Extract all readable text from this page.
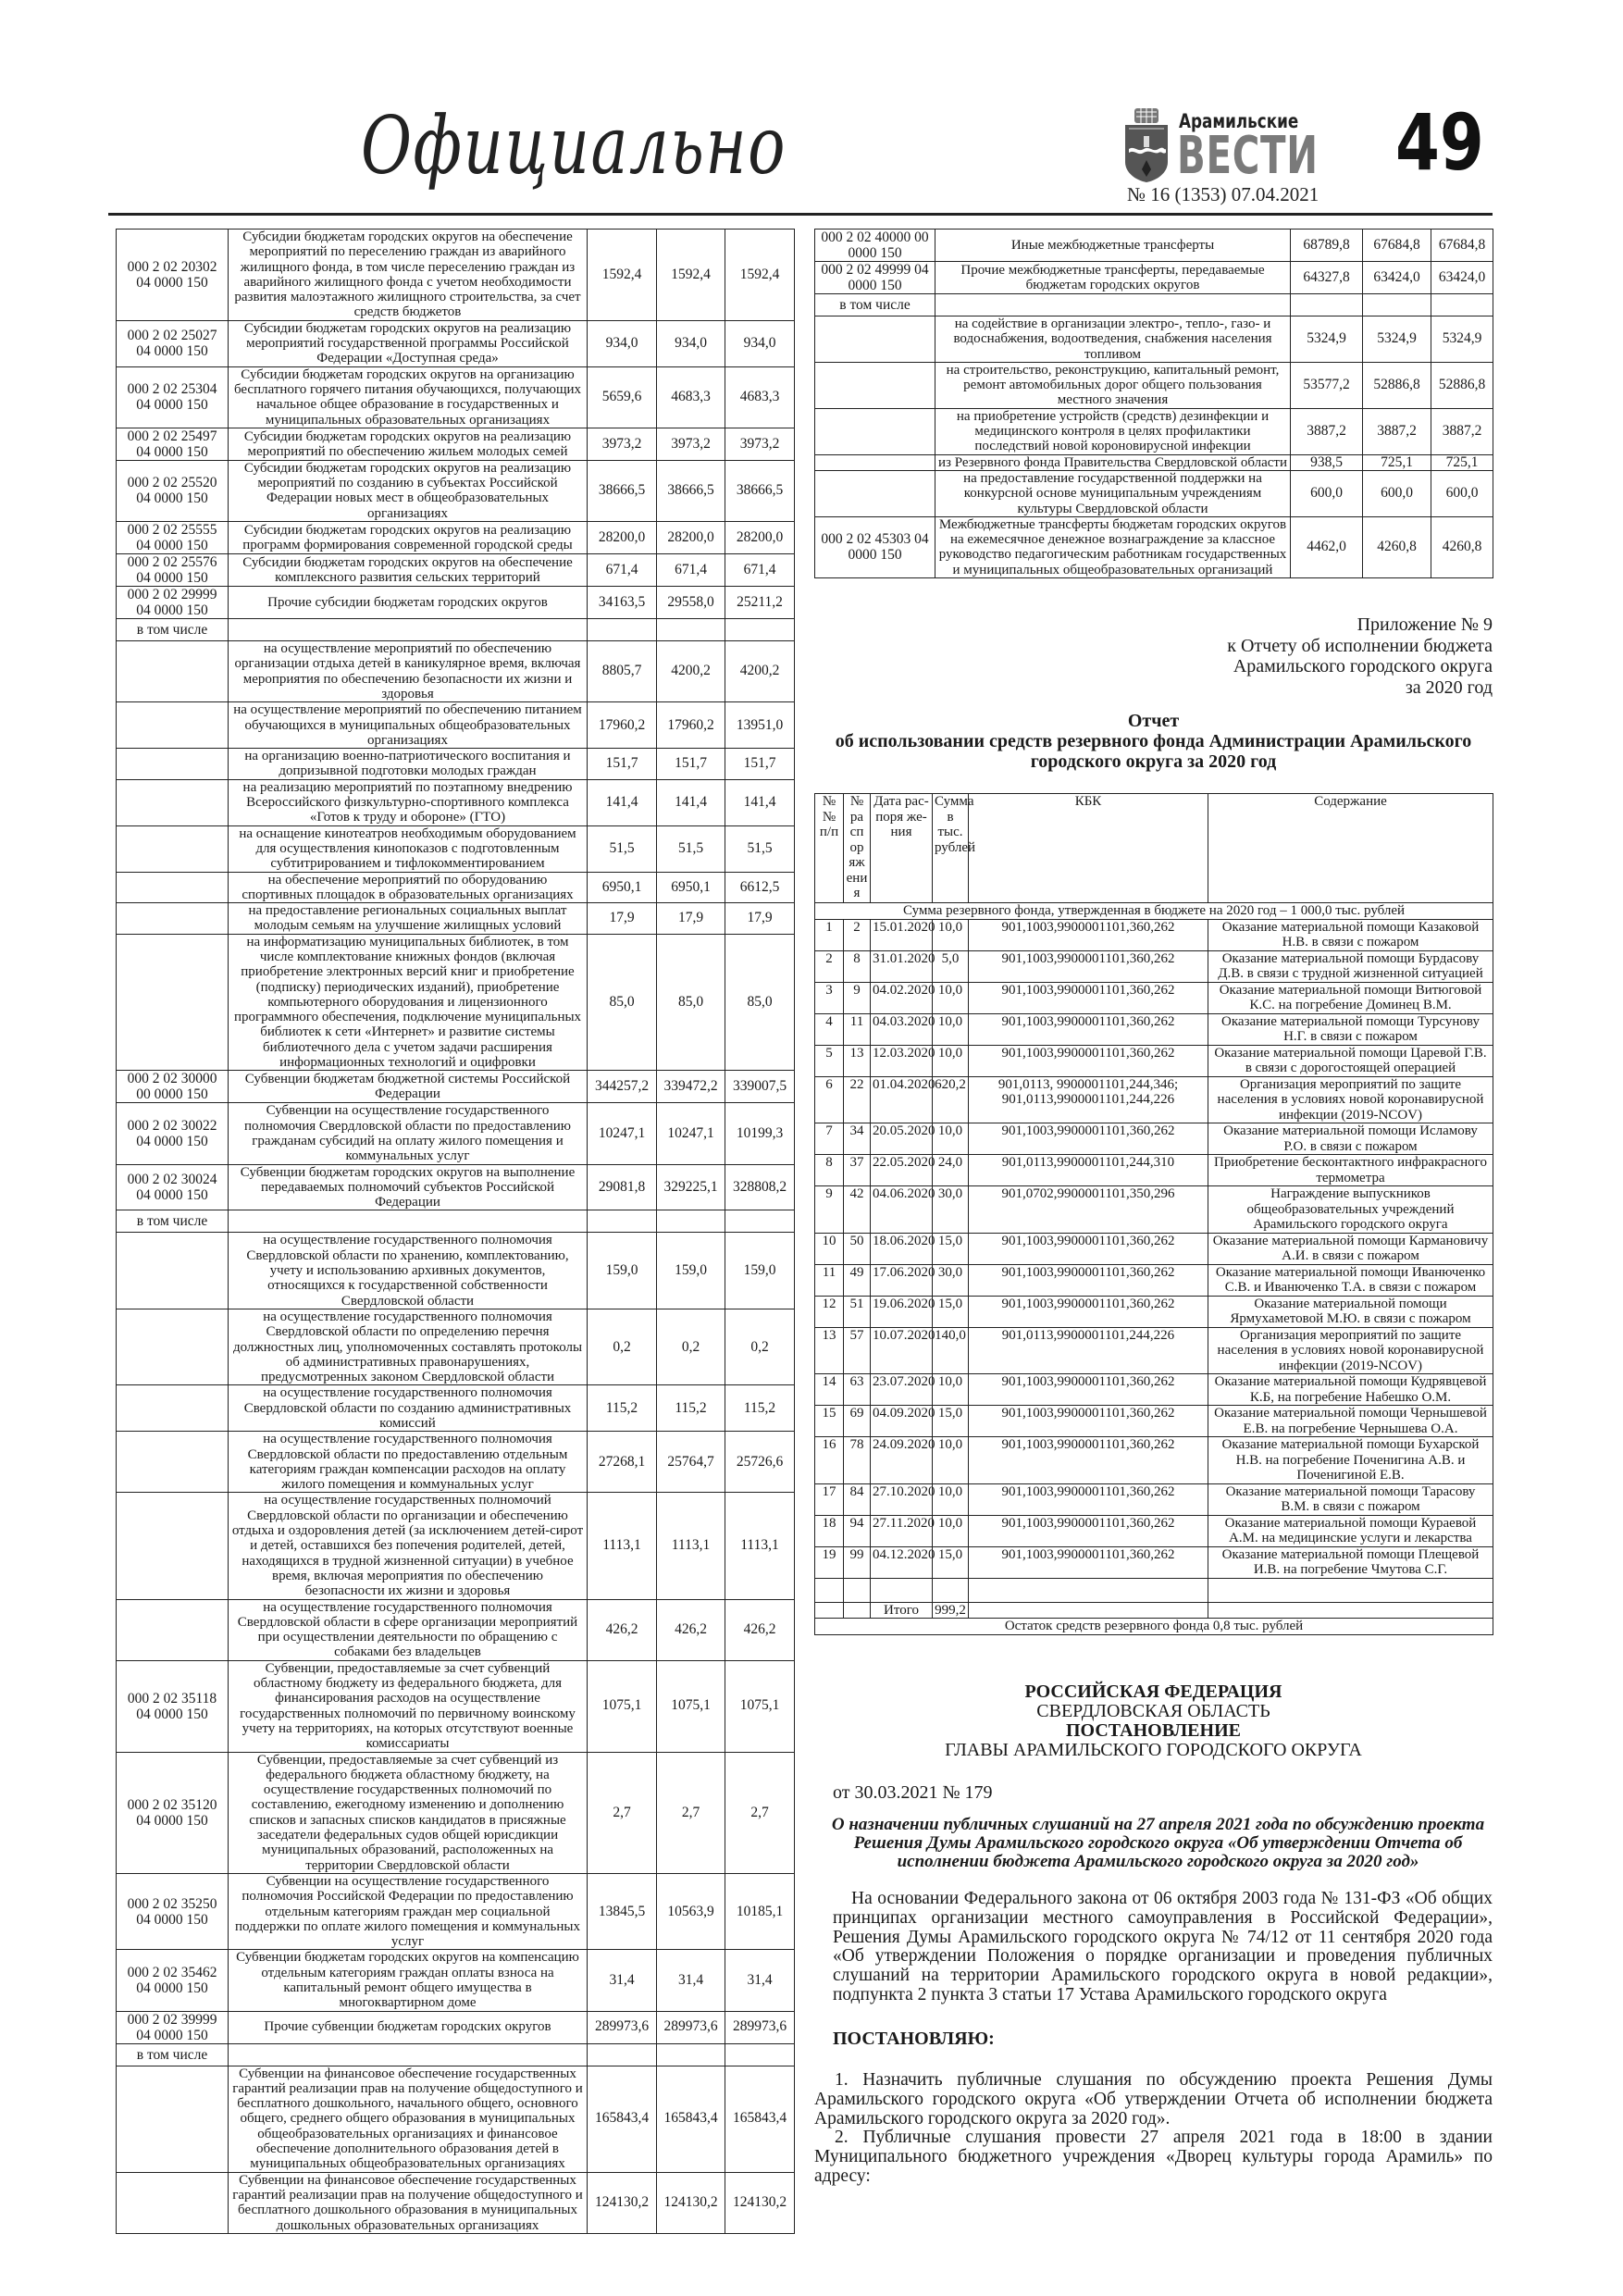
Официально	Арамильские
ВЕСТИ 49
№ 16 (1353) 07.04.2021
000 2 02 20302 04 0000 150	Субсидии бюджетам городских округов на обеспечение мероприятий по переселению граждан из аварийного жилищного фонда, в том числе переселению граждан из аварийного жилищного фонда с учетом необходимости развития малоэтажного жилищного строительства, за счет средств бюджетов	1592,4	1592,4	1592,4
000 2 02 25027 04 0000 150	Субсидии бюджетам городских округов на реализацию мероприятий государственной программы Российской Федерации «Доступная среда»	934,0	934,0	934,0
000 2 02 25304 04 0000 150	Субсидии бюджетам городских округов на организацию бесплатного горячего питания обучающихся, получающих начальное общее образование в государственных и муниципальных образовательных организациях	5659,6	4683,3	4683,3
000 2 02 25497 04 0000 150	Субсидии бюджетам городских округов на реализацию мероприятий по обеспечению жильем молодых семей	3973,2	3973,2	3973,2
000 2 02 25520 04 0000 150	Субсидии бюджетам городских округов на реализацию мероприятий по созданию в субъектах Российской Федерации новых мест в общеобразовательных организациях	38666,5	38666,5	38666,5
000 2 02 25555 04 0000 150	Субсидии бюджетам городских округов на реализацию программ формирования современной городской среды	28200,0	28200,0	28200,0
000 2 02 25576 04 0000 150	Субсидии бюджетам городских округов на обеспечение комплексного развития сельских территорий	671,4	671,4	671,4
000 2 02 29999 04 0000 150	Прочие субсидии бюджетам городских округов	34163,5	29558,0	25211,2
в том числе				
	на осуществление мероприятий по обеспечению организации отдыха детей в каникулярное время, включая мероприятия по обеспечению безопасности их жизни и здоровья	8805,7	4200,2	4200,2
	на осуществление мероприятий по обеспечению питанием обучающихся в муниципальных общеобразовательных организациях	17960,2	17960,2	13951,0
	на организацию военно-патриотического воспитания и допризывной подготовки молодых граждан	151,7	151,7	151,7
	на реализацию мероприятий по поэтапному внедрению Всероссийского физкультурно-спортивного комплекса «Готов к труду и обороне» (ГТО)	141,4	141,4	141,4
	на оснащение кинотеатров необходимым оборудованием для осуществления кинопоказов с подготовленным субтитрированием и тифлокомментированием	51,5	51,5	51,5
	на обеспечение мероприятий по оборудованию спортивных площадок в образовательных организациях	6950,1	6950,1	6612,5
	на предоставление региональных социальных выплат молодым семьям на улучшение жилищных условий	17,9	17,9	17,9
	на информатизацию муниципальных библиотек, в том числе комплектование книжных фондов (включая приобретение электронных версий книг и приобретение (подписку) периодических изданий), приобретение компьютерного оборудования и лицензионного программного обеспечения, подключение муниципальных библиотек к сети «Интернет» и развитие системы библиотечного дела с учетом задачи расширения информационных технологий и оцифровки	85,0	85,0	85,0
000 2 02 30000 00 0000 150	Субвенции бюджетам бюджетной системы Российской Федерации	344257,2	339472,2	339007,5
000 2 02 30022 04 0000 150	Субвенции на осуществление государственного полномочия Свердловской области по предоставлению гражданам субсидий на оплату жилого помещения и коммунальных услуг	10247,1	10247,1	10199,3
000 2 02 30024 04 0000 150	Субвенции бюджетам городских округов на выполнение передаваемых полномочий субъектов Российской Федерации	29081,8	329225,1	328808,2
в том числе				
	на осуществление государственного полномочия Свердловской области по хранению, комплектованию, учету и использованию архивных документов, относящихся к государственной собственности Свердловской области	159,0	159,0	159,0
	на осуществление государственного полномочия Свердловской области по определению перечня должностных лиц, уполномоченных составлять протоколы об административных правонарушениях, предусмотренных законом Свердловской области	0,2	0,2	0,2
	на осуществление государственного полномочия Свердловской области по созданию административных комиссий	115,2	115,2	115,2
	на осуществление государственного полномочия Свердловской области по предоставлению отдельным категориям граждан компенсации расходов на оплату жилого помещения и коммунальных услуг	27268,1	25764,7	25726,6
	на осуществление государственных полномочий Свердловской области по организации и обеспечению отдыха и оздоровления детей (за исключением детей-сирот и детей, оставшихся без попечения родителей, детей, находящихся в трудной жизненной ситуации) в учебное время, включая мероприятия по обеспечению безопасности их жизни и здоровья	1113,1	1113,1	1113,1
	на осуществление государственного полномочия Свердловской области в сфере организации мероприятий при осуществлении деятельности по обращению с собаками без владельцев	426,2	426,2	426,2
000 2 02 35118 04 0000 150	Субвенции, предоставляемые за счет субвенций областному бюджету из федерального бюджета, для финансирования расходов на осуществление государственных полномочий по первичному воинскому учету на территориях, на которых отсутствуют военные комиссариаты	1075,1	1075,1	1075,1
000 2 02 35120 04 0000 150	Субвенции, предоставляемые за счет субвенций из федерального бюджета областному бюджету, на осуществление государственных полномочий по составлению, ежегодному изменению и дополнению списков и запасных списков кандидатов в присяжные заседатели федеральных судов общей юрисдикции муниципальных образований, расположенных на территории Свердловской области	2,7	2,7	2,7
000 2 02 35250 04 0000 150	Субвенции на осуществление государственного полномочия Российской Федерации по предоставлению отдельным категориям граждан мер социальной поддержки по оплате жилого помещения и коммунальных услуг	13845,5	10563,9	10185,1
000 2 02 35462 04 0000 150	Субвенции бюджетам городских округов на компенсацию отдельным категориям граждан оплаты взноса на капитальный ремонт общего имущества в многоквартирном доме	31,4	31,4	31,4
000 2 02 39999 04 0000 150	Прочие субвенции бюджетам городских округов	289973,6	289973,6	289973,6
в том числе				
	Субвенции на финансовое обеспечение государственных гарантий реализации прав на получение общедоступного и бесплатного дошкольного, начального общего, основного общего, среднего общего образования в муниципальных общеобразовательных организациях и финансовое обеспечение дополнительного образования детей в муниципальных общеобразовательных организациях	165843,4	165843,4	165843,4
	Субвенции на финансовое обеспечение государственных гарантий реализации прав на получение общедоступного и бесплатного дошкольного образования в муниципальных дошкольных образовательных организациях	124130,2	124130,2	124130,2
000 2 02 40000 00 0000 150	Иные межбюджетные трансферты	68789,8	67684,8	67684,8
000 2 02 49999 04 0000 150	Прочие межбюджетные трансферты, передаваемые бюджетам городских округов	64327,8	63424,0	63424,0
в том числе				
	на содействие в организации электро-, тепло-, газо- и водоснабжения, водоотведения, снабжения населения топливом	5324,9	5324,9	5324,9
	на строительство, реконструкцию, капитальный ремонт, ремонт автомобильных дорог общего пользования местного значения	53577,2	52886,8	52886,8
	на приобретение устройств (средств) дезинфекции и медицинского контроля в целях профилактики последствий новой короновирусной инфекции	3887,2	3887,2	3887,2
	из Резервного фонда Правительства Свердловской области	938,5	725,1	725,1
	на предоставление государственной поддержки на конкурсной основе муниципальным учреждениям культуры Свердловской области	600,0	600,0	600,0
000 2 02 45303 04 0000 150	Межбюджетные трансферты бюджетам городских округов на ежемесячное денежное вознаграждение за классное руководство педагогическим работникам государственных и муниципальных общеобразовательных организаций	4462,0	4260,8	4260,8
Приложение № 9
к Отчету об исполнении бюджета
Арамильского городского округа
за 2020 год
Отчет
об использовании средств резервного фонда Администрации Арамильского городского округа за 2020 год
№№ п/п	№ распоряжения	Дата распоря жения	Сумма в тыс. рублей	КБК	Содержание
Сумма резервного фонда, утвержденная в бюджете на 2020 год – 1 000,0 тыс. рублей					
1	2	15.01.2020	10,0	901,1003,9900001101,360,262	Оказание материальной помощи Казаковой Н.В. в связи с пожаром
2	8	31.01.2020	5,0	901,1003,9900001101,360,262	Оказание материальной помощи Бурдасову Д.В. в связи с трудной жизненной ситуацией
3	9	04.02.2020	10,0	901,1003,9900001101,360,262	Оказание материальной помощи Витюговой К.С. на погребение Доминец В.М.
4	11	04.03.2020	10,0	901,1003,9900001101,360,262	Оказание материальной помощи Турсунову Н.Г. в связи с пожаром
5	13	12.03.2020	10,0	901,1003,9900001101,360,262	Оказание материальной помощи Царевой Г.В. в связи с дорогостоящей операцией
6	22	01.04.2020	620,2	901,0113, 9900001101,244,346; 901,0113,9900001101,244,226	Организация мероприятий по защите населения в условиях новой коронавирусной инфекции (2019-NCOV)
7	34	20.05.2020	10,0	901,1003,9900001101,360,262	Оказание материальной помощи Исламову Р.О. в связи с пожаром
8	37	22.05.2020	24,0	901,0113,9900001101,244,310	Приобретение бесконтактного инфракрасного термометра
9	42	04.06.2020	30,0	901,0702,9900001101,350,296	Награждение выпускников общеобразовательных учреждений Арамильского городского округа
10	50	18.06.2020	15,0	901,1003,9900001101,360,262	Оказание материальной помощи Кармановичу А.И. в связи с пожаром
11	49	17.06.2020	30,0	901,1003,9900001101,360,262	Оказание материальной помощи Иванюченко С.В. и Иванюченко Т.А. в связи с пожаром
12	51	19.06.2020	15,0	901,1003,9900001101,360,262	Оказание материальной помощи Ярмухаметовой М.Ю. в связи с пожаром
13	57	10.07.2020	140,0	901,0113,9900001101,244,226	Организация мероприятий по защите населения в условиях новой коронавирусной инфекции (2019-NCOV)
14	63	23.07.2020	10,0	901,1003,9900001101,360,262	Оказание материальной помощи Кудрявцевой К.Б, на погребение Набешко О.М.
15	69	04.09.2020	15,0	901,1003,9900001101,360,262	Оказание материальной помощи Чернышевой Е.В. на погребение Чернышева О.А.
16	78	24.09.2020	10,0	901,1003,9900001101,360,262	Оказание материальной помощи Бухарской Н.В. на погребение Поченигина А.В. и Поченигиной Е.В.
17	84	27.10.2020	10,0	901,1003,9900001101,360,262	Оказание материальной помощи Тарасову В.М. в связи с пожаром
18	94	27.11.2020	10,0	901,1003,9900001101,360,262	Оказание материальной помощи Кураевой А.М. на медицинские услуги и лекарства
19	99	04.12.2020	15,0	901,1003,9900001101,360,262	Оказание материальной помощи Плещевой И.В. на погребение Чмутова С.Г.

		Итого	999,2		
Остаток средств резервного фонда 0,8 тыс. рублей					
РОССИЙСКАЯ ФЕДЕРАЦИЯ
СВЕРДЛОВСКАЯ ОБЛАСТЬ
ПОСТАНОВЛЕНИЕ
ГЛАВЫ АРАМИЛЬСКОГО ГОРОДСКОГО ОКРУГА
от 30.03.2021 № 179
О назначении публичных слушаний на 27 апреля 2021 года по обсуждению проекта Решения Думы Арамильского городского округа «Об утверждении Отчета об исполнении бюджета Арамильского городского округа за 2020 год»

На основании Федерального закона от 06 октября 2003 года № 131-ФЗ «Об общих принципах организации местного самоуправления в Российской Федерации», Решения Думы Арамильского городского округа № 74/12 от 11 сентября 2020 года «Об утверждении Положения о порядке организации и проведения публичных слушаний на территории Арамильского городского округа в новой редакции», подпункта 2 пункта 3 статьи 17 Устава Арамильского городского округа

ПОСТАНОВЛЯЮ:

1. Назначить публичные слушания по обсуждению проекта Решения Думы Арамильского городского округа «Об утверждении Отчета об исполнении бюджета Арамильского городского округа за 2020 год».

2. Публичные слушания провести 27 апреля 2021 года в 18:00 в здании Муниципального бюджетного учреждения «Дворец культуры города Арамиль» по адресу:
